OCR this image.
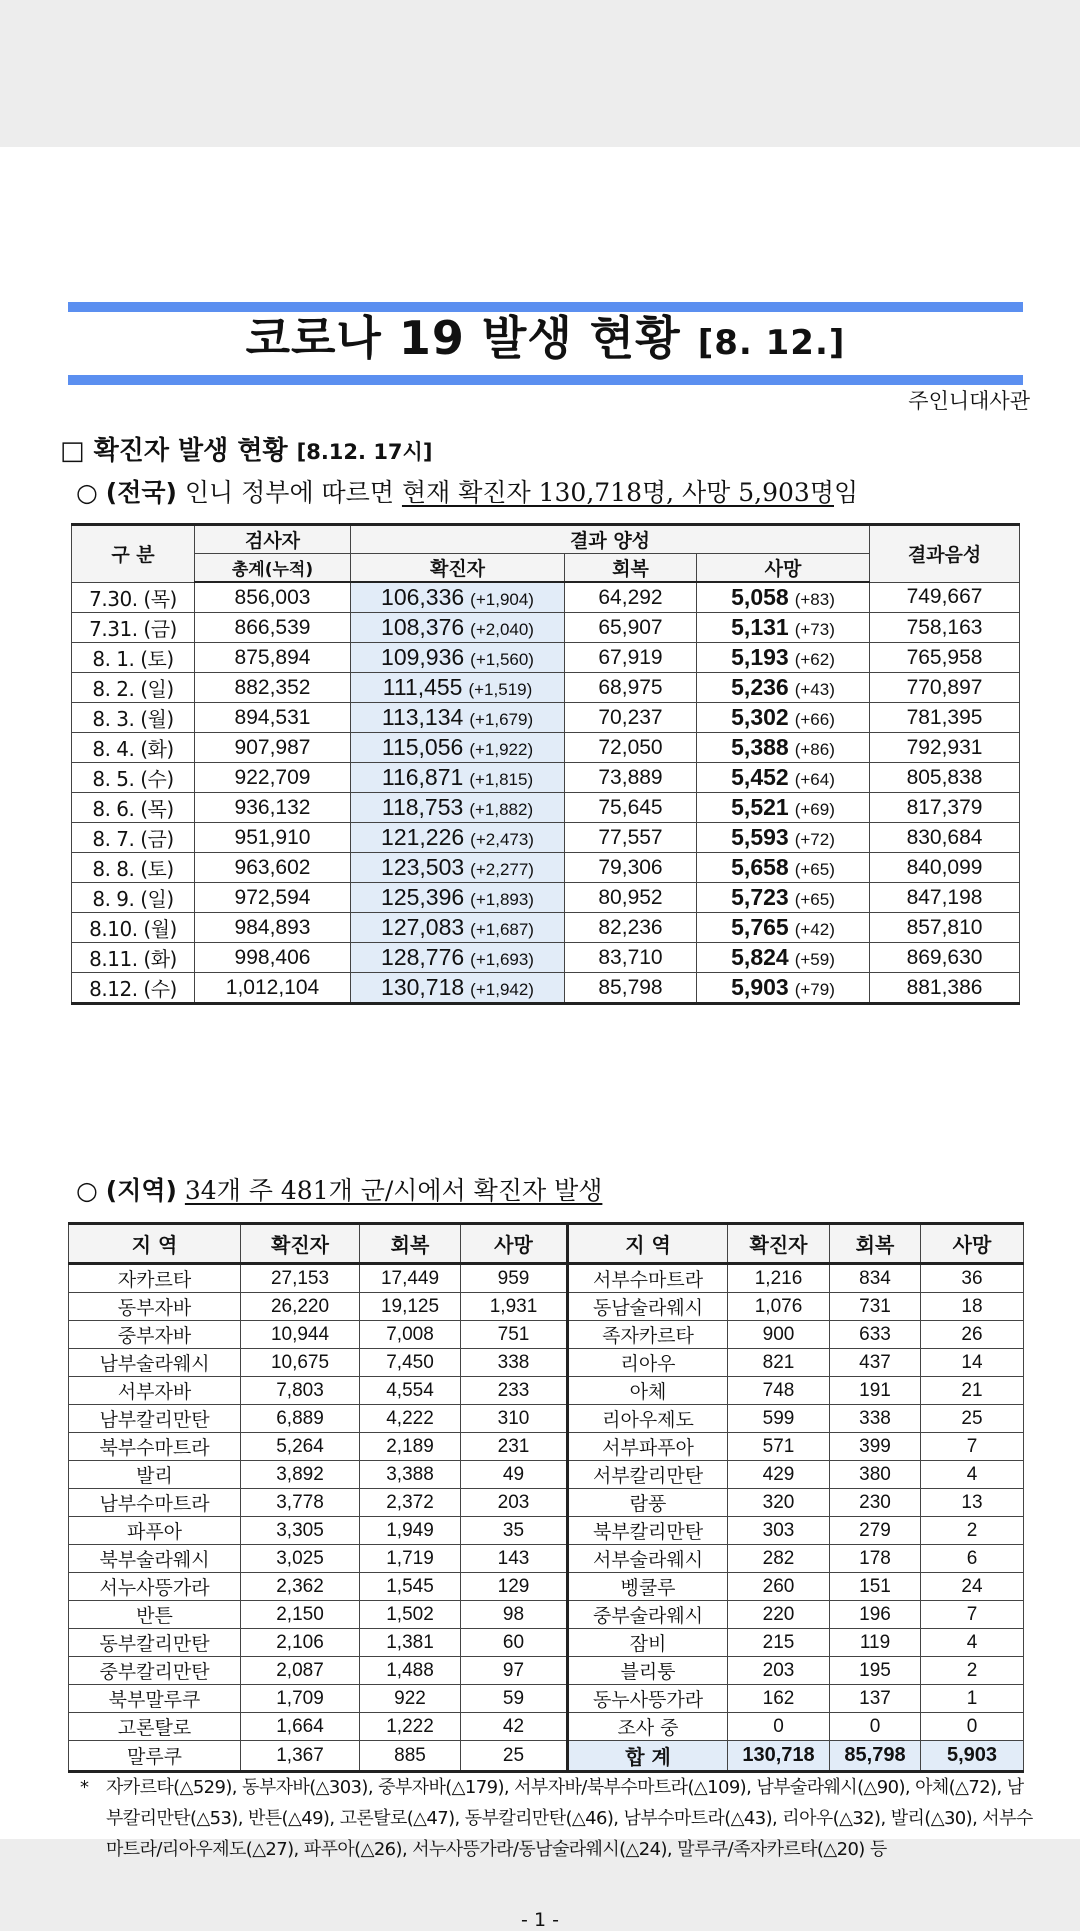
코로나 19 발생 현황 [8. 12.]
주인니대사관
□ 확진자 발생 현황 [8.12. 17시]
○ (전국) 인니 정부에 따르면 현재 확진자 130,718명, 사망 5,903명임
구 분	검사자	결과 양성			결과음성
	총계(누적)	확진자	회복	사망	
7.30. (목)	856,003	106,336 (+1,904)	64,292	5,058 (+83)	749,667
7.31. (금)	866,539	108,376 (+2,040)	65,907	5,131 (+73)	758,163
8. 1. (토)	875,894	109,936 (+1,560)	67,919	5,193 (+62)	765,958
8. 2. (일)	882,352	111,455 (+1,519)	68,975	5,236 (+43)	770,897
8. 3. (월)	894,531	113,134 (+1,679)	70,237	5,302 (+66)	781,395
8. 4. (화)	907,987	115,056 (+1,922)	72,050	5,388 (+86)	792,931
8. 5. (수)	922,709	116,871 (+1,815)	73,889	5,452 (+64)	805,838
8. 6. (목)	936,132	118,753 (+1,882)	75,645	5,521 (+69)	817,379
8. 7. (금)	951,910	121,226 (+2,473)	77,557	5,593 (+72)	830,684
8. 8. (토)	963,602	123,503 (+2,277)	79,306	5,658 (+65)	840,099
8. 9. (일)	972,594	125,396 (+1,893)	80,952	5,723 (+65)	847,198
8.10. (월)	984,893	127,083 (+1,687)	82,236	5,765 (+42)	857,810
8.11. (화)	998,406	128,776 (+1,693)	83,710	5,824 (+59)	869,630
8.12. (수)	1,012,104	130,718 (+1,942)	85,798	5,903 (+79)	881,386
○ (지역) 34개 주 481개 군/시에서 확진자 발생
지 역	확진자	회복	사망	지 역	확진자	회복	사망
자카르타	27,153	17,449	959	서부수마트라	1,216	834	36
동부자바	26,220	19,125	1,931	동남술라웨시	1,076	731	18
중부자바	10,944	7,008	751	족자카르타	900	633	26
남부술라웨시	10,675	7,450	338	리아우	821	437	14
서부자바	7,803	4,554	233	아체	748	191	21
남부칼리만탄	6,889	4,222	310	리아우제도	599	338	25
북부수마트라	5,264	2,189	231	서부파푸아	571	399	7
발리	3,892	3,388	49	서부칼리만탄	429	380	4
남부수마트라	3,778	2,372	203	람풍	320	230	13
파푸아	3,305	1,949	35	북부칼리만탄	303	279	2
북부술라웨시	3,025	1,719	143	서부술라웨시	282	178	6
서누사뜽가라	2,362	1,545	129	벵쿨루	260	151	24
반튼	2,150	1,502	98	중부술라웨시	220	196	7
동부칼리만탄	2,106	1,381	60	잠비	215	119	4
중부칼리만탄	2,087	1,488	97	블리퉁	203	195	2
북부말루쿠	1,709	922	59	동누사뜽가라	162	137	1
고론탈로	1,664	1,222	42	조사 중	0	0	0
말루쿠	1,367	885	25	합 계	130,718	85,798	5,903
* 자카르타(△529), 동부자바(△303), 중부자바(△179), 서부자바/북부수마트라(△109), 남부술라웨시(△90), 아체(△72), 남부칼리만탄(△53), 반튼(△49), 고론탈로(△47), 동부칼리만탄(△46), 남부수마트라(△43), 리아우(△32), 발리(△30), 서부수마트라/리아우제도(△27), 파푸아(△26), 서누사뜽가라/동남술라웨시(△24), 말루쿠/족자카르타(△20) 등
- 1 -
